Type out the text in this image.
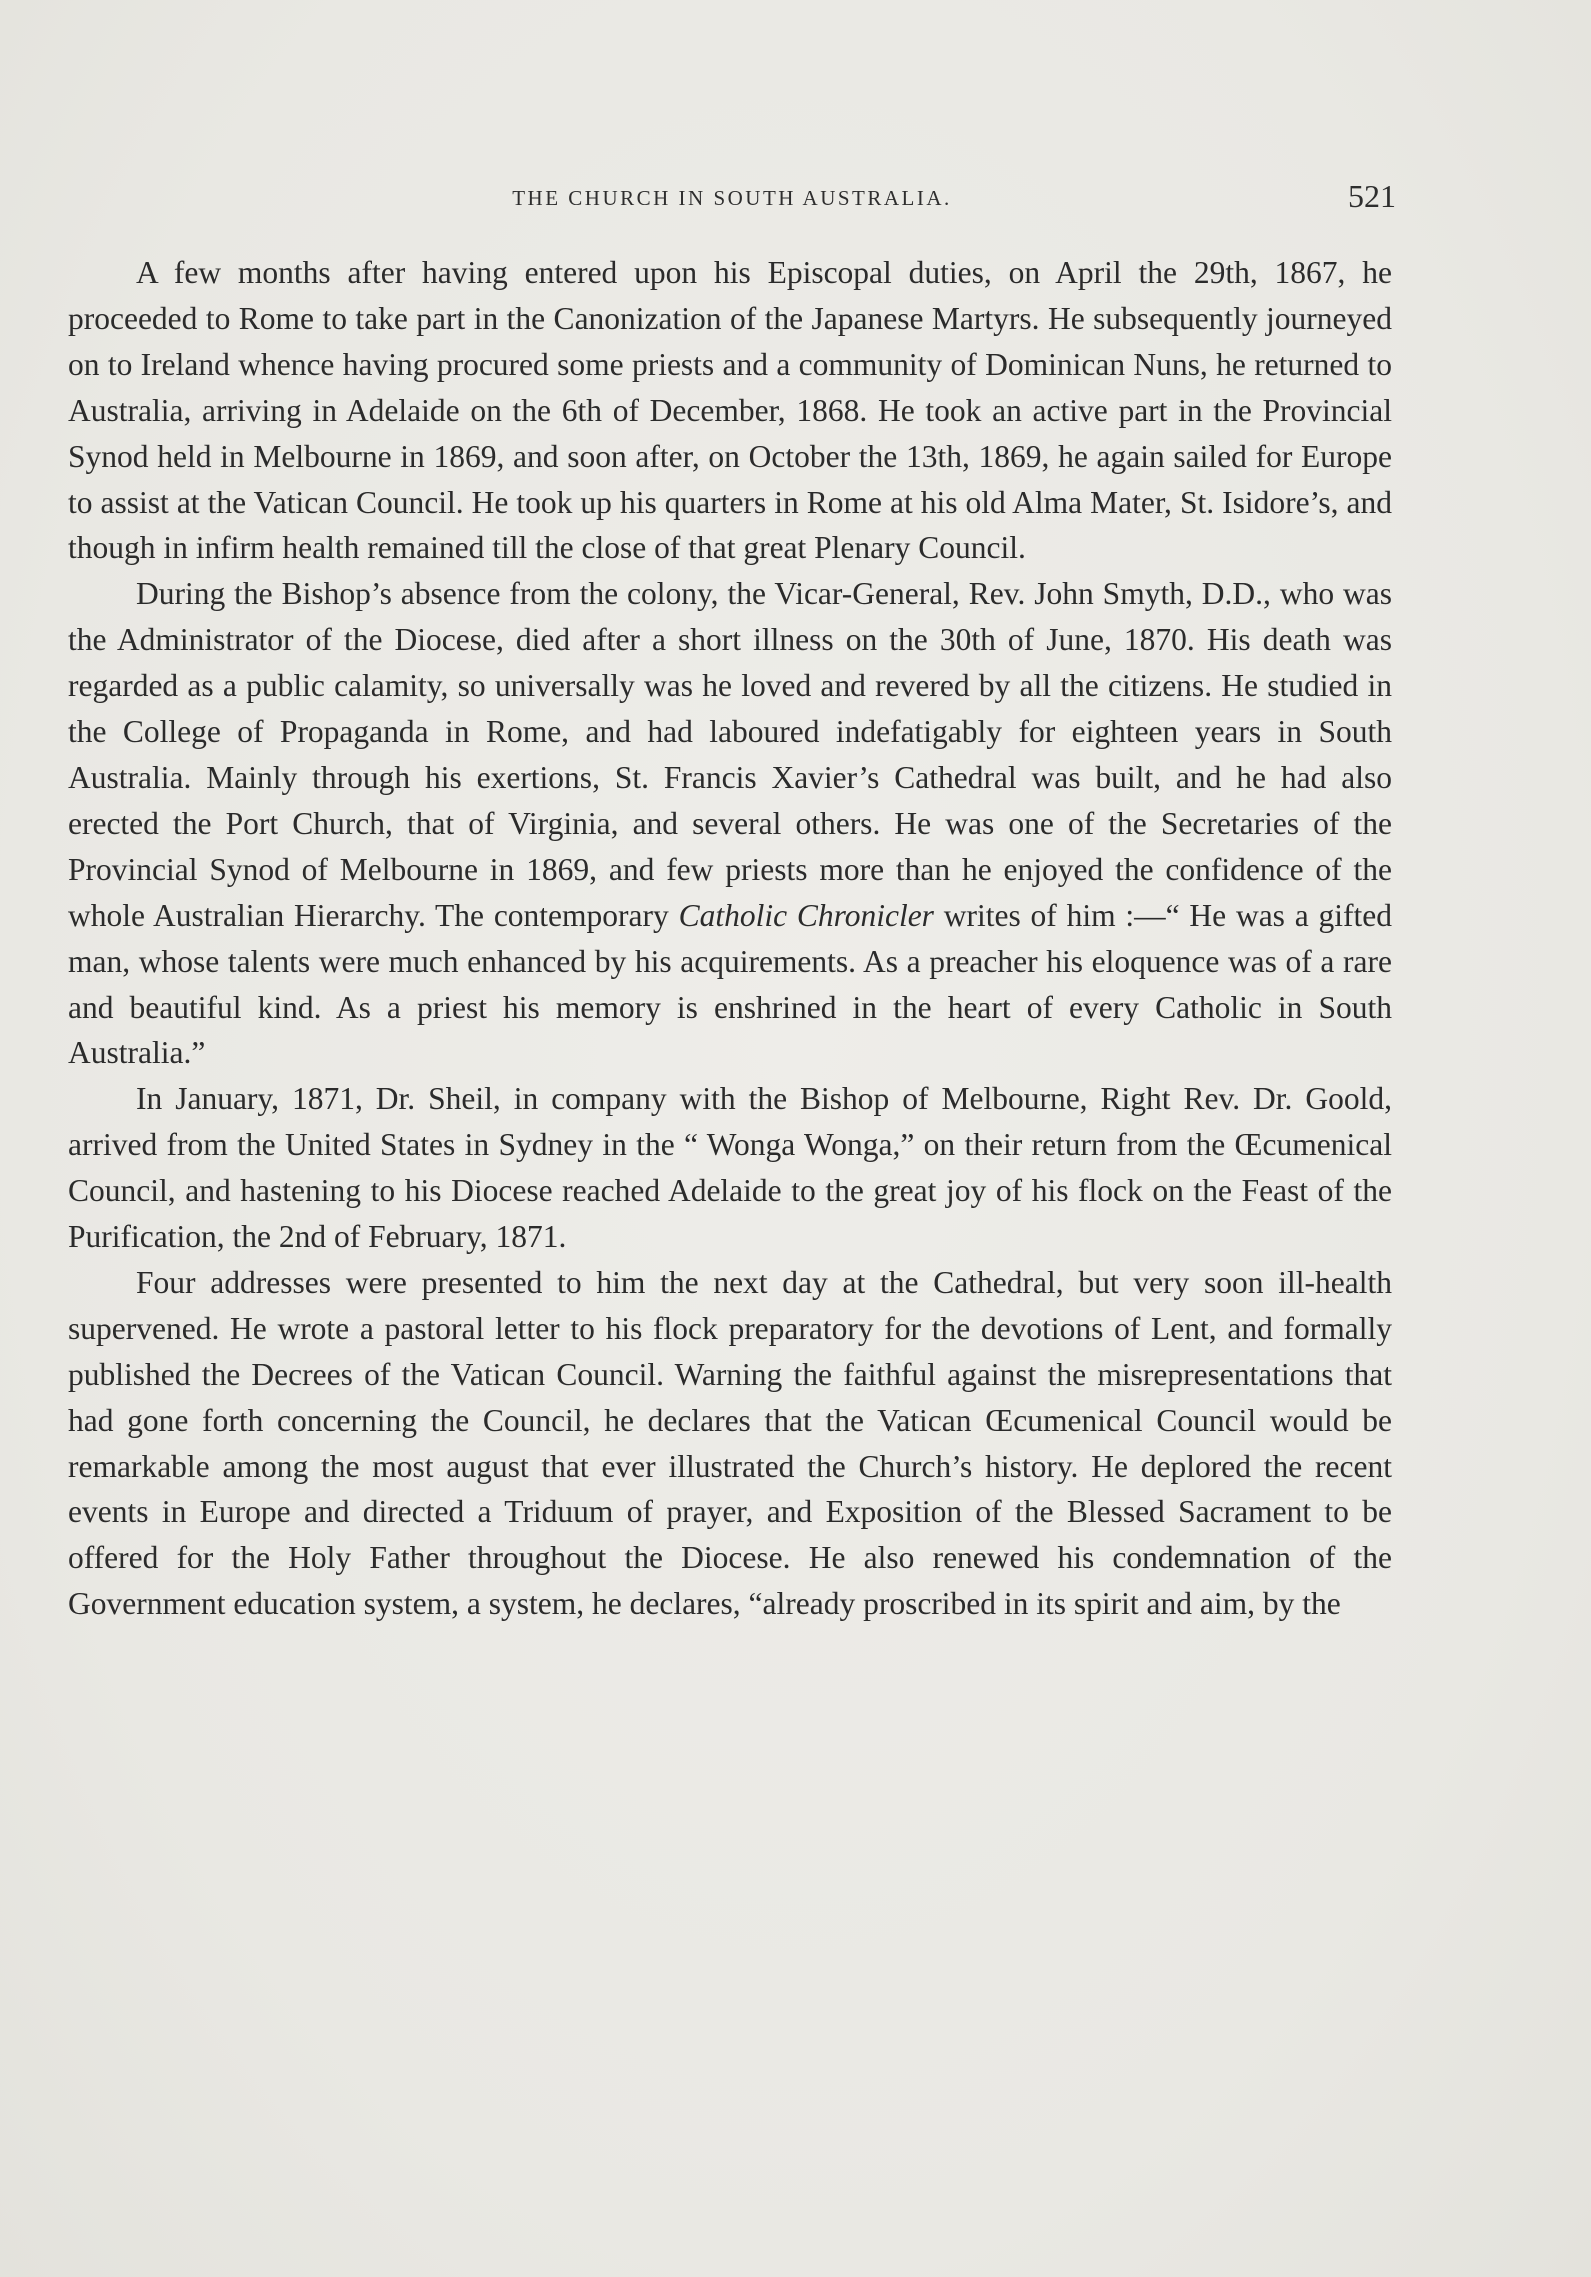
THE CHURCH IN SOUTH AUSTRALIA.	521

A few months after having entered upon his Episcopal duties, on April the 29th, 1867, he proceeded to Rome to take part in the Canonization of the Japanese Martyrs. He subsequently journeyed on to Ireland whence having procured some priests and a community of Dominican Nuns, he returned to Australia, arriving in Adelaide on the 6th of December, 1868. He took an active part in the Provincial Synod held in Melbourne in 1869, and soon after, on October the 13th, 1869, he again sailed for Europe to assist at the Vatican Council. He took up his quarters in Rome at his old Alma Mater, St. Isidore’s, and though in infirm health remained till the close of that great Plenary Council.

During the Bishop’s absence from the colony, the Vicar-General, Rev. John Smyth, D.D., who was the Administrator of the Diocese, died after a short illness on the 30th of June, 1870. His death was regarded as a public calamity, so universally was he loved and revered by all the citizens. He studied in the College of Propaganda in Rome, and had laboured indefatigably for eighteen years in South Australia. Mainly through his exertions, St. Francis Xavier’s Cathedral was built, and he had also erected the Port Church, that of Virginia, and several others. He was one of the Secretaries of the Provincial Synod of Melbourne in 1869, and few priests more than he enjoyed the confidence of the whole Australian Hierarchy. The contemporary Catholic Chronicler writes of him :—“ He was a gifted man, whose talents were much enhanced by his acquirements. As a preacher his eloquence was of a rare and beautiful kind. As a priest his memory is enshrined in the heart of every Catholic in South Australia.”

In January, 1871, Dr. Sheil, in company with the Bishop of Melbourne, Right Rev. Dr. Goold, arrived from the United States in Sydney in the “ Wonga Wonga,” on their return from the Œcumenical Council, and hastening to his Diocese reached Adelaide to the great joy of his flock on the Feast of the Purification, the 2nd of February, 1871.

Four addresses were presented to him the next day at the Cathedral, but very soon ill-health supervened. He wrote a pastoral letter to his flock preparatory for the devotions of Lent, and formally published the Decrees of the Vatican Council. Warning the faithful against the misrepresentations that had gone forth concerning the Council, he declares that the Vatican Œcumenical Council would be remarkable among the most august that ever illustrated the Church’s history. He deplored the recent events in Europe and directed a Triduum of prayer, and Exposition of the Blessed Sacrament to be offered for the Holy Father throughout the Diocese. He also renewed his condemnation of the Government education system, a system, he declares, “already proscribed in its spirit and aim, by the
